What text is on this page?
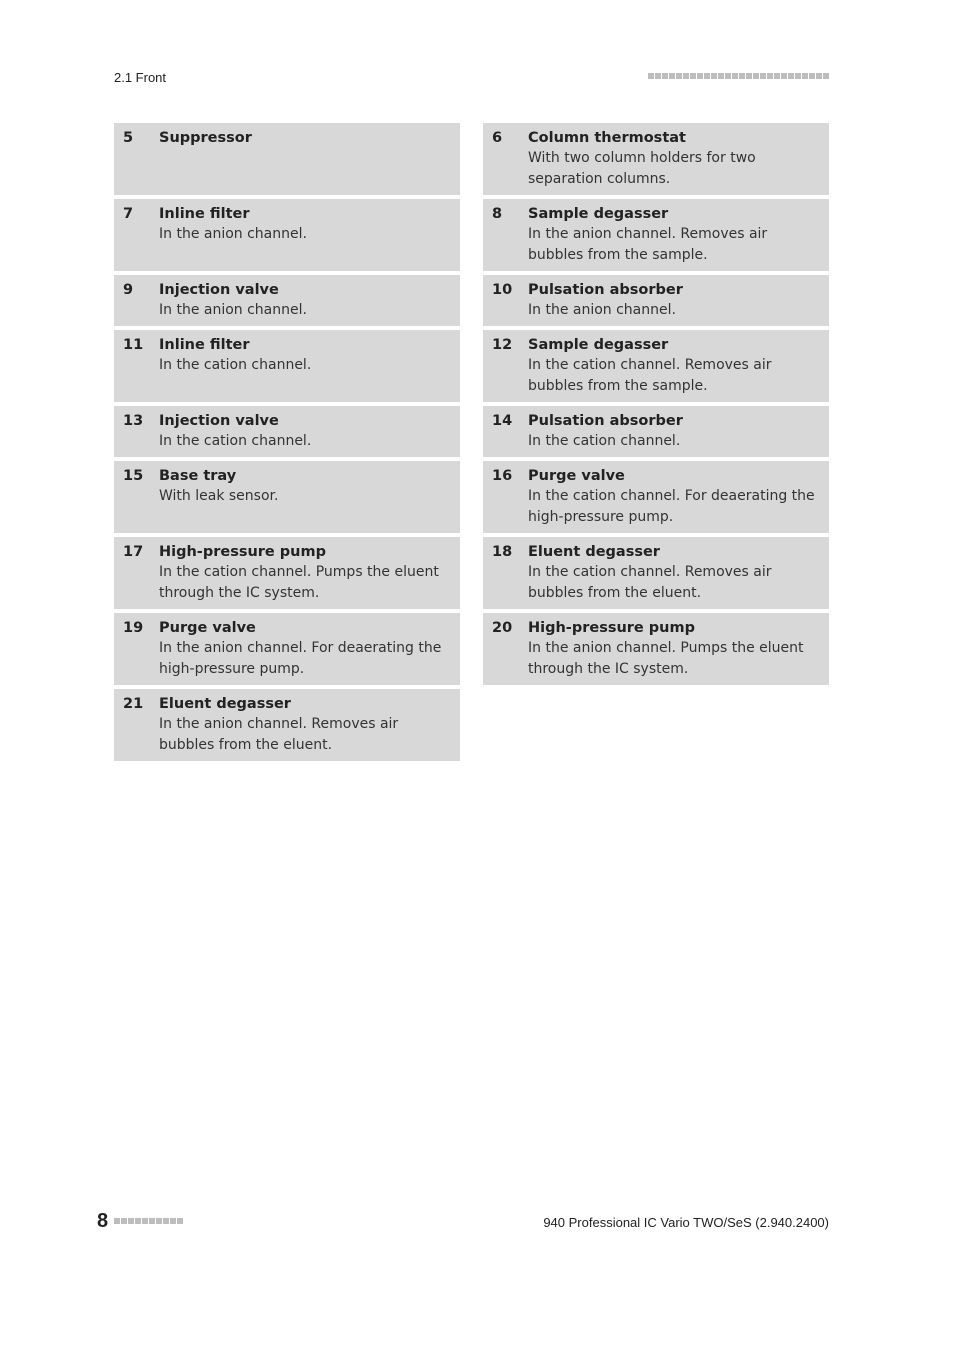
2.1 Front
5	Suppressor	6	Column thermostat
With two column holders for two separation columns.
7	Inline filter
In the anion channel.
8	Sample degasser
In the anion channel. Removes air bubbles from the sample.
9	Injection valve
In the anion channel.
10	Pulsation absorber
In the anion channel.
11	Inline filter
In the cation channel.
12	Sample degasser
In the cation channel. Removes air bubbles from the sample.
13	Injection valve
In the cation channel.
14	Pulsation absorber
In the cation channel.
15	Base tray
With leak sensor.
16	Purge valve
In the cation channel. For deaerating the high-pressure pump.
17	High-pressure pump
In the cation channel. Pumps the eluent through the IC system.
18	Eluent degasser
In the cation channel. Removes air bubbles from the eluent.
19	Purge valve
In the anion channel. For deaerating the high-pressure pump.
20	High-pressure pump
In the anion channel. Pumps the eluent through the IC system.
21	Eluent degasser
In the anion channel. Removes air bubbles from the eluent.
8	940 Professional IC Vario TWO/SeS (2.940.2400)
